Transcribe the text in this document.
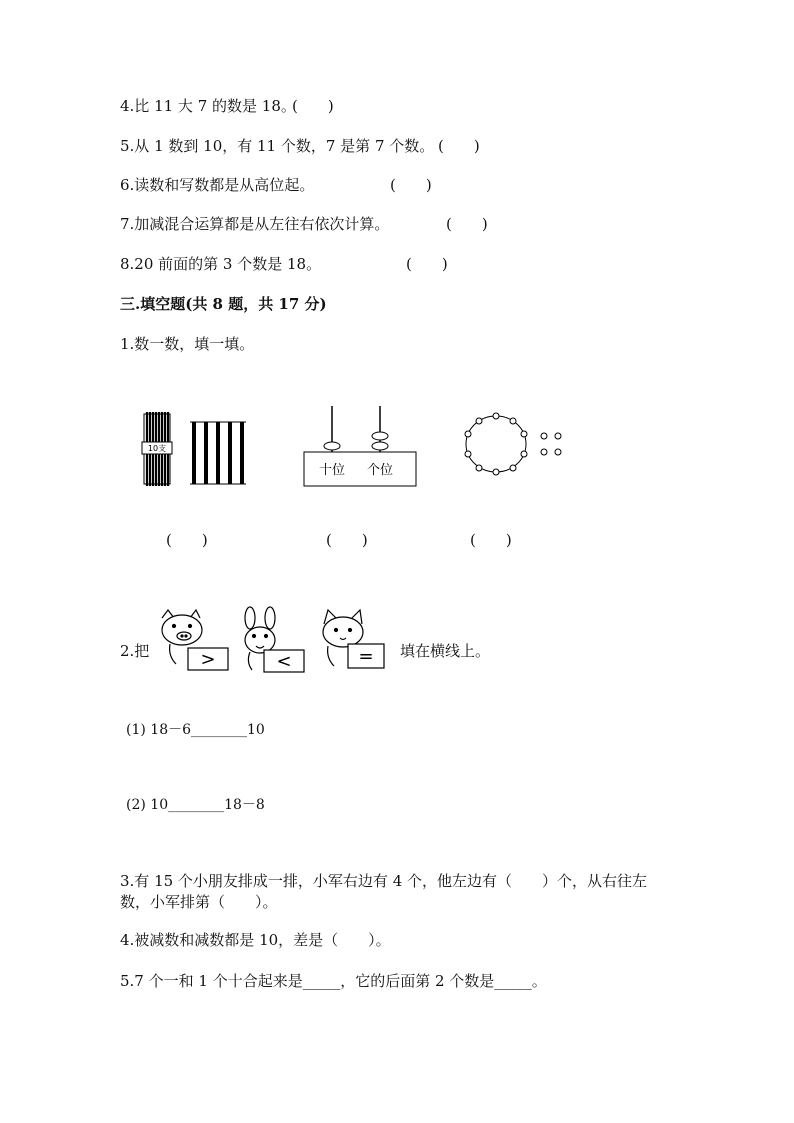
4.比 11 大 7 的数是 18。
(　　)
5.从 1 数到 10，有 11 个数，7 是第 7 个数。 (　　)
6.读数和写数都是从高位起。	(　　)
7.加减混合运算都是从左往右依次计算。	(　　)
8.20 前面的第 3 个数是 18。	(　　)
三.填空题(共 8 题，共 17 分)
1.数一数，填一填。
10支
十位 个位
(　　)	(　　)	(　　)
2.把	>	<	= 填在横线上。
(1) 18－6________10
(2) 10________18－8
3.有 15 个小朋友排成一排，小军右边有 4 个，他左边有（　　）个，从右往左
数，小军排第（　　）。
4.被减数和减数都是 10，差是（　　）。
5.7 个一和 1 个十合起来是_____，它的后面第 2 个数是_____。
